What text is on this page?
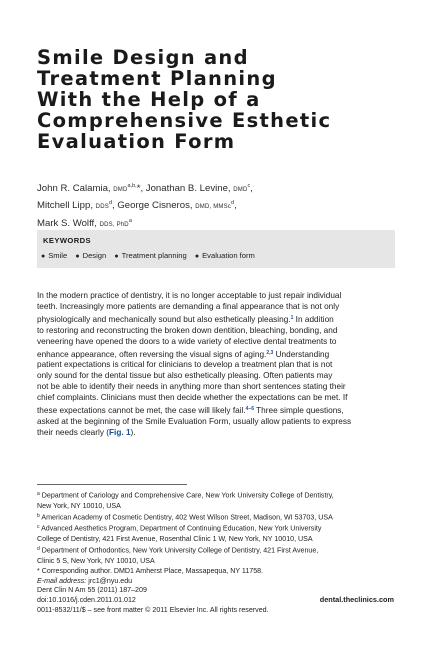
Smile Design and
Treatment Planning
With the Help of a
Comprehensive Esthetic
Evaluation Form
John R. Calamia, $DMD^{a,b,}*$, Jonathan B. Levine, DMD$^c$,
Mitchell Lipp, DDS$^d$, George Cisneros, DMD, MMSc$^d$,
Mark S. Wolff, DDS, PhD$^a$
KEYWORDS
● Smile ● Design ● Treatment planning ● Evaluation form
In the modern practice of dentistry, it is no longer acceptable to just repair individual
teeth. Increasingly more patients are demanding a final appearance that is not only
physiologically and mechanically sound but also esthetically pleasing.$^1$ In addition
to restoring and reconstructing the broken down dentition, bleaching, bonding, and
veneering have opened the doors to a wide variety of elective dental treatments to
enhance appearance, often reversing the visual signs of aging.$^{2,3}$ Understanding
patient expectations is critical for clinicians to develop a treatment plan that is not
only sound for the dental tissue but also esthetically pleasing. Often patients may
not be able to identify their needs in anything more than short sentences stating their
chief complaints. Clinicians must then decide whether the expectations can be met. If
these expectations cannot be met, the case will likely fail.$^{4-6}$ Three simple questions,
asked at the beginning of the Smile Evaluation Form, usually allow patients to express
their needs clearly (Fig. 1).
$^a$ Department of Cariology and Comprehensive Care, New York University College of Dentistry,
New York, NY 10010, USA
$^b$ American Academy of Cosmetic Dentistry, 402 West Wilson Street, Madison, WI 53703, USA
$^c$ Advanced Aesthetics Program, Department of Continuing Education, New York University
College of Dentistry, 421 First Avenue, Rosenthal Clinic 1 W, New York, NY 10010, USA
$^d$ Department of Orthodontics, New York University College of Dentistry, 421 First Avenue,
Clinic 5 S, New York, NY 10010, USA
* Corresponding author. DMD1 Amherst Place, Massapequa, NY 11758.
E-mail address: jrc1@nyu.edu
Dent Clin N Am 55 (2011) 187–209
doi:10.1016/j.cden.2011.01.012
0011-8532/11/$ – see front matter © 2011 Elsevier Inc. All rights reserved.
dental.theclinics.com
